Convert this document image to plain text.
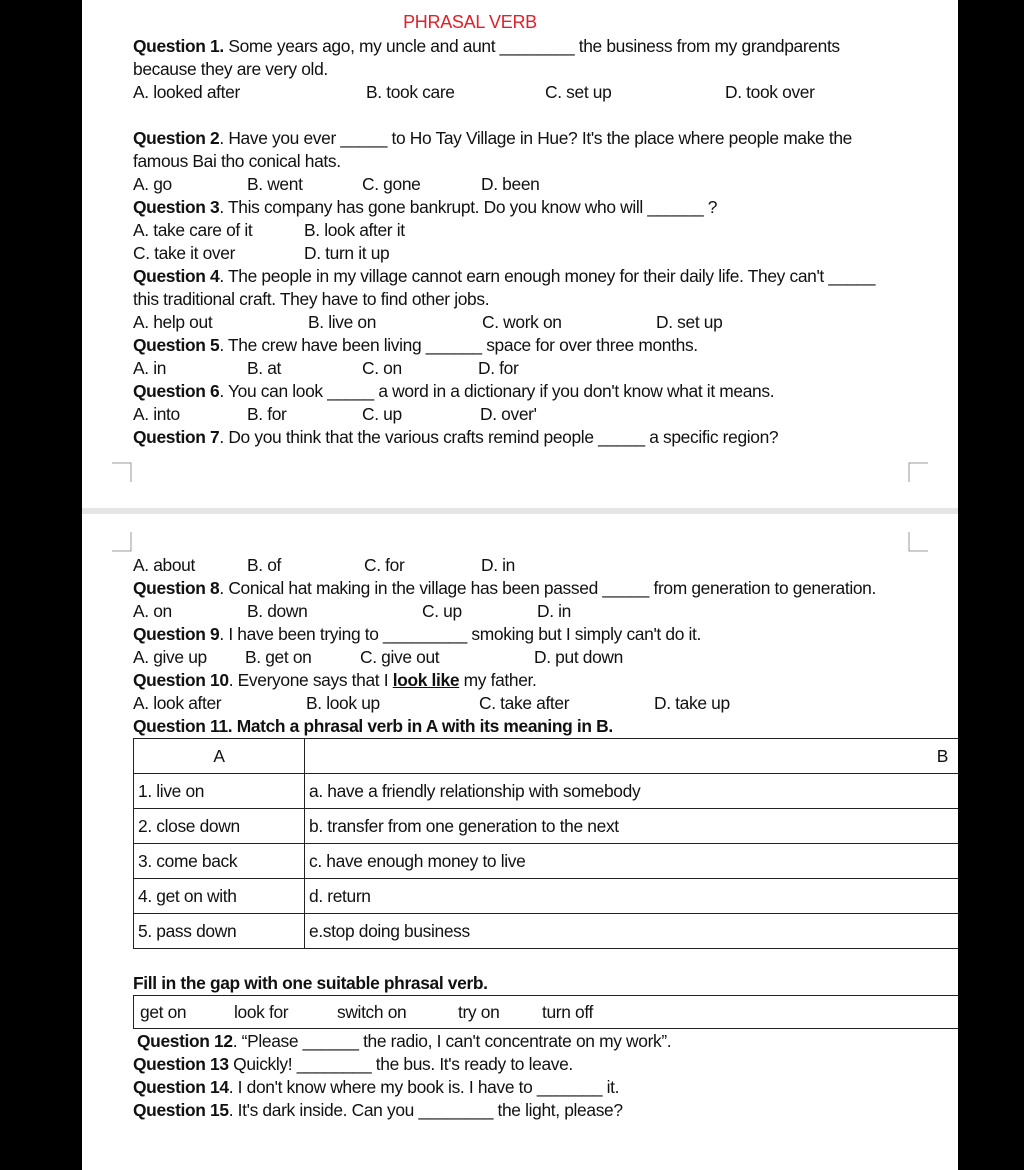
PHRASAL VERB
Question 1. Some years ago, my uncle and aunt ________ the business from my grandparents
because they are very old.
A. looked after	B. took care	C. set up	D. took over
Question 2. Have you ever _____ to Ho Tay Village in Hue? It's the place where people make the
famous Bai tho conical hats.
A. go	B. went	C. gone	D. been
Question 3. This company has gone bankrupt. Do you know who will ______ ?
A. take care of it	B. look after it
C. take it over	D. turn it up
Question 4. The people in my village cannot earn enough money for their daily life. They can't _____
this traditional craft. They have to find other jobs.
A. help out	B. live on	C. work on	D. set up
Question 5. The crew have been living ______ space for over three months.
A. in	B. at	C. on	D. for
Question 6. You can look _____ a word in a dictionary if you don't know what it means.
A. into	B. for	C. up	D. over'
Question 7. Do you think that the various crafts remind people _____ a specific region?
A. about	B. of	C. for	D. in
Question 8. Conical hat making in the village has been passed _____ from generation to generation.
A. on	B. down	C. up	D. in
Question 9. I have been trying to _________ smoking but I simply can't do it.
A. give up B. get on	C. give out	D. put down
Question 10. Everyone says that I look like my father.
A. look after	B. look up	C. take after	D. take up
Question 11. Match a phrasal verb in A with its meaning in B.
A	B
1. live on	a. have a friendly relationship with somebody
2. close down	b. transfer from one generation to the next
3. come back	c. have enough money to live
4. get on with	d. return
5. pass down	e.stop doing business
Fill in the gap with one suitable phrasal verb.
get on	look for	switch on	try on turn off
Question 12. “Please ______ the radio, I can't concentrate on my work”.
Question 13 Quickly! ________ the bus. It's ready to leave.
Question 14. I don't know where my book is. I have to _______ it.
Question 15. It's dark inside. Can you ________ the light, please?
